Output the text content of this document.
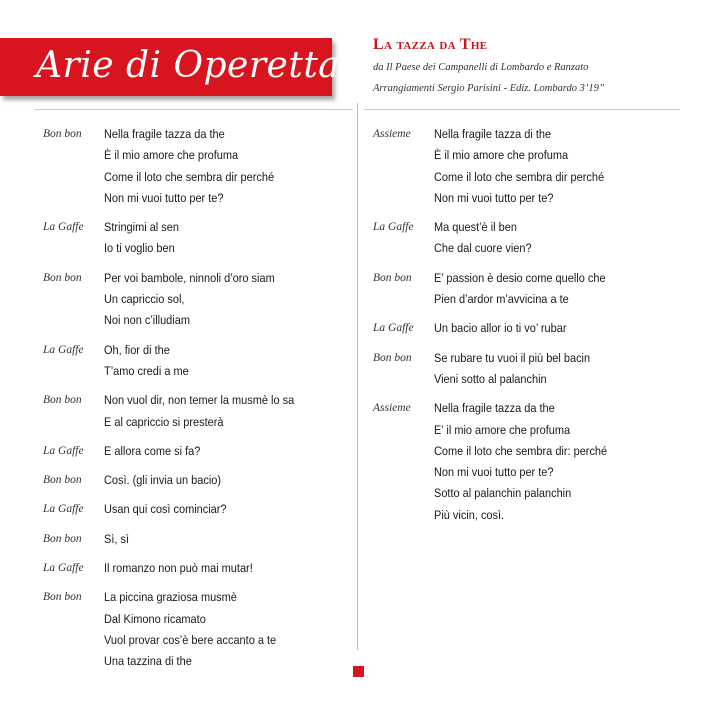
Arie di Operetta
La tazza da The
da Il Paese dei Campanelli di Lombardo e Ranzato
Arrangiamenti Sergio Parisini - Ediz. Lombardo 3’19”
Bon bon	Nella fragile tazza da the
È il mio amore che profuma
Come il loto che sembra dir perché
Non mi vuoi tutto per te?
La Gaffe	Stringimi al sen
Io ti voglio ben
Bon bon	Per voi bambole, ninnoli d’oro siam
Un capriccio sol,
Noi non c’illudiam
La Gaffe	Oh, fior di the
T’amo credi a me
Bon bon	Non vuol dir, non temer la musmè lo sa
E al capriccio si presterà
La Gaffe	E allora come si fa?
Bon bon	Così. (gli invia un bacio)
La Gaffe	Usan qui così cominciar?
Bon bon	Sì, sì
La Gaffe	Il romanzo non può mai mutar!
Bon bon	La piccina graziosa musmè
Dal Kimono ricamato
Vuol provar cos’è bere accanto a te
Una tazzina di the
Assieme	Nella fragile tazza di the
È il mio amore che profuma
Come il loto che sembra dir perché
Non mi vuoi tutto per te?
La Gaffe	Ma quest’è il ben
Che dal cuore vien?
Bon bon	E’ passion è desio come quello che
Pien d’ardor m’avvicina a te
La Gaffe	Un bacio allor io ti vo’ rubar
Bon bon	Se rubare tu vuoi il più bel bacin
Vieni sotto al palanchin
Assieme	Nella fragile tazza da the
E’ il mio amore che profuma
Come il loto che sembra dir: perché
Non mi vuoi tutto per te?
Sotto al palanchin palanchin
Più vicin, così.
